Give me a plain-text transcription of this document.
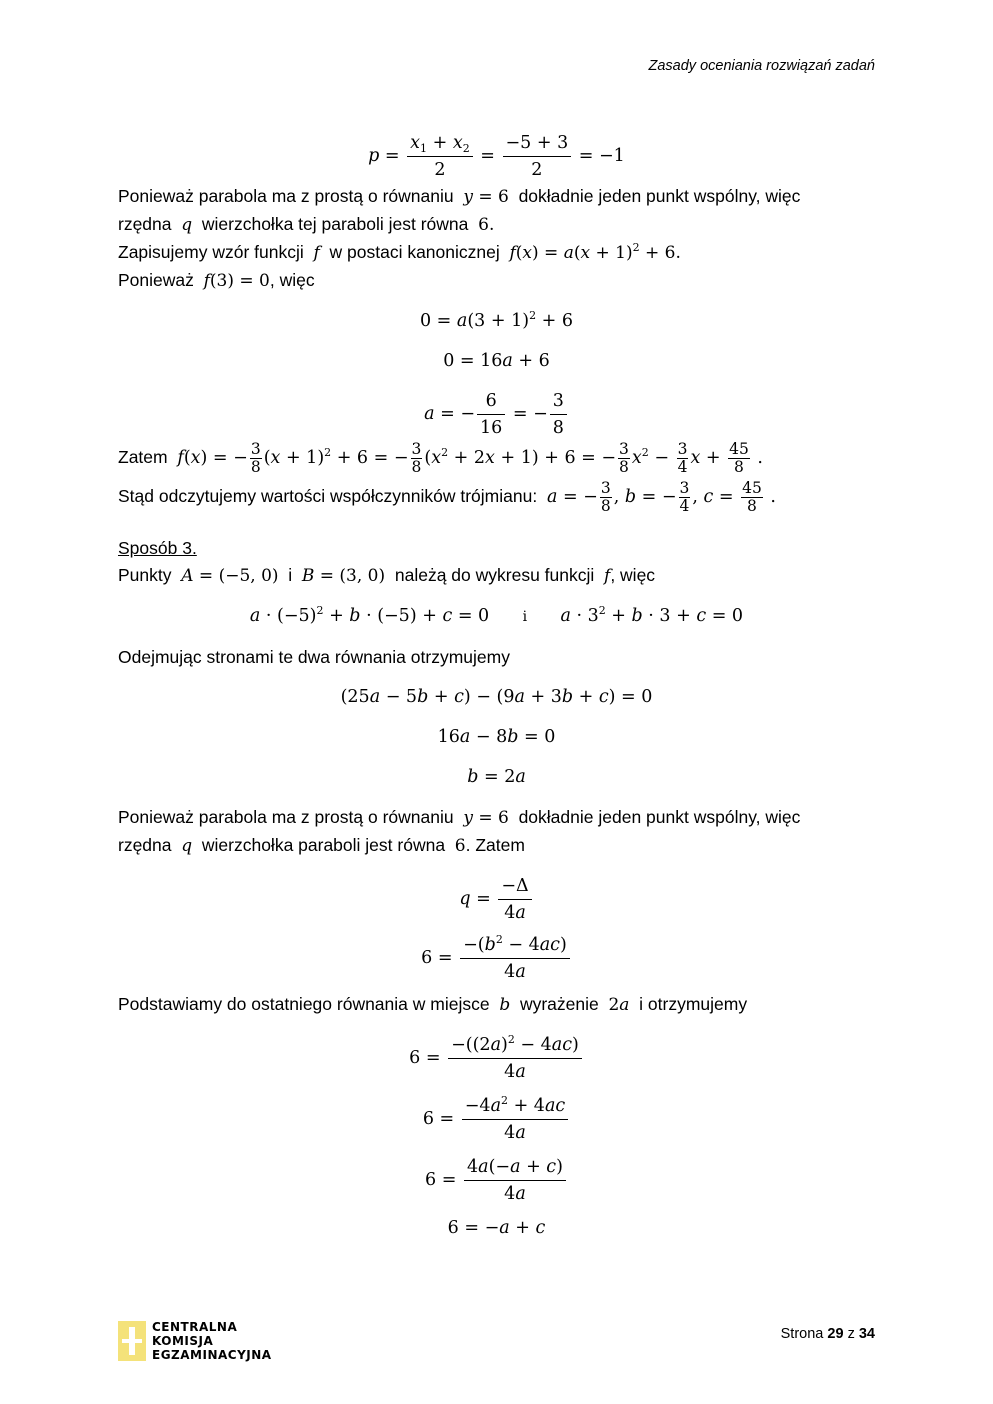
Zasady oceniania rozwiązań zadań
$p = \frac{x_1 + x_2}{2} = \frac{-5 + 3}{2} = -1$
Ponieważ parabola ma z prostą o równaniu y = 6 dokładnie jeden punkt wspólny, więc
rzędna q wierzchołka tej paraboli jest równa 6.
Zapisujemy wzór funkcji f w postaci kanonicznej $f(x) = a(x + 1)^2 + 6$.
Ponieważ f(3) = 0, więc
$0 = a(3 + 1)^2 + 6$
0 = 16a + 6
a = − $\frac{6}{16}$ = − $\frac{3}{8}$
Zatem f(x) = − $\frac{3}{8} (x + 1)^2 + 6$ = − $\frac{3}{8} (x^2 + 2x + 1) + 6$ = − $\frac{3}{8} x^2 - \frac{3}{4}$ $x + \frac{45}{8}$ .
Stąd odczytujemy wartości współczynników trójmianu: a = − $\frac{3}{8}$ , b = − $\frac{3}{4}$ , $c = \frac{45}{8}$ .
Sposób 3.
Punkty A = (−5, 0) i B = (3, 0) należą do wykresu funkcji f, więc
$a \cdot (-5)^2 + b \cdot (-5) + c = 0$      i $a \cdot 3^2 + b \cdot 3 + c = 0$
Odejmując stronami te dwa równania otrzymujemy
(25a − 5b + c) − (9a + 3b + c) = 0
16a − 8b = 0
b = 2a
Ponieważ parabola ma z prostą o równaniu y = 6 dokładnie jeden punkt wspólny, więc
rzędna q wierzchołka paraboli jest równa 6. Zatem
$q = \frac{-\Delta}{4a}$
$6 = \frac{-(b^2 - 4ac)}{4a}$
Podstawiamy do ostatniego równania w miejsce b wyrażenie 2a i otrzymujemy
$6 = \frac{-((2a)^2 - 4ac)}{4a}$
$6 = \frac{-4a^2 + 4ac}{4a}$
$6 = \frac{4a(-a + c)}{4a}$
6 = −a + c
CENTRALNA
KOMISJA
EGZAMINACYJNA
Strona 29 z 34
